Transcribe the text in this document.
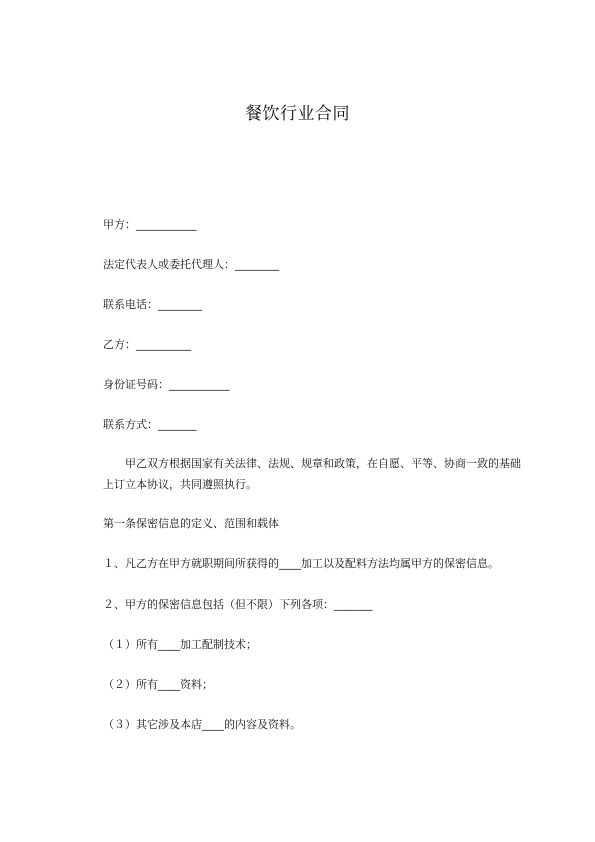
餐饮行业合同
甲方：___________
法定代表人或委托代理人：________
联系电话：________
乙方：__________
身份证号码：___________
联系方式：_______
甲乙双方根据国家有关法律、法规、规章和政策，在自愿、平等、协商一致的基础上订立本协议，共同遵照执行。
第一条保密信息的定义、范围和载体
１、凡乙方在甲方就职期间所获得的____加工以及配料方法均属甲方的保密信息。
２、甲方的保密信息包括（但不限）下列各项：_______
（１）所有____加工配制技术；
（２）所有____资料；
（３）其它涉及本店____的内容及资料。
